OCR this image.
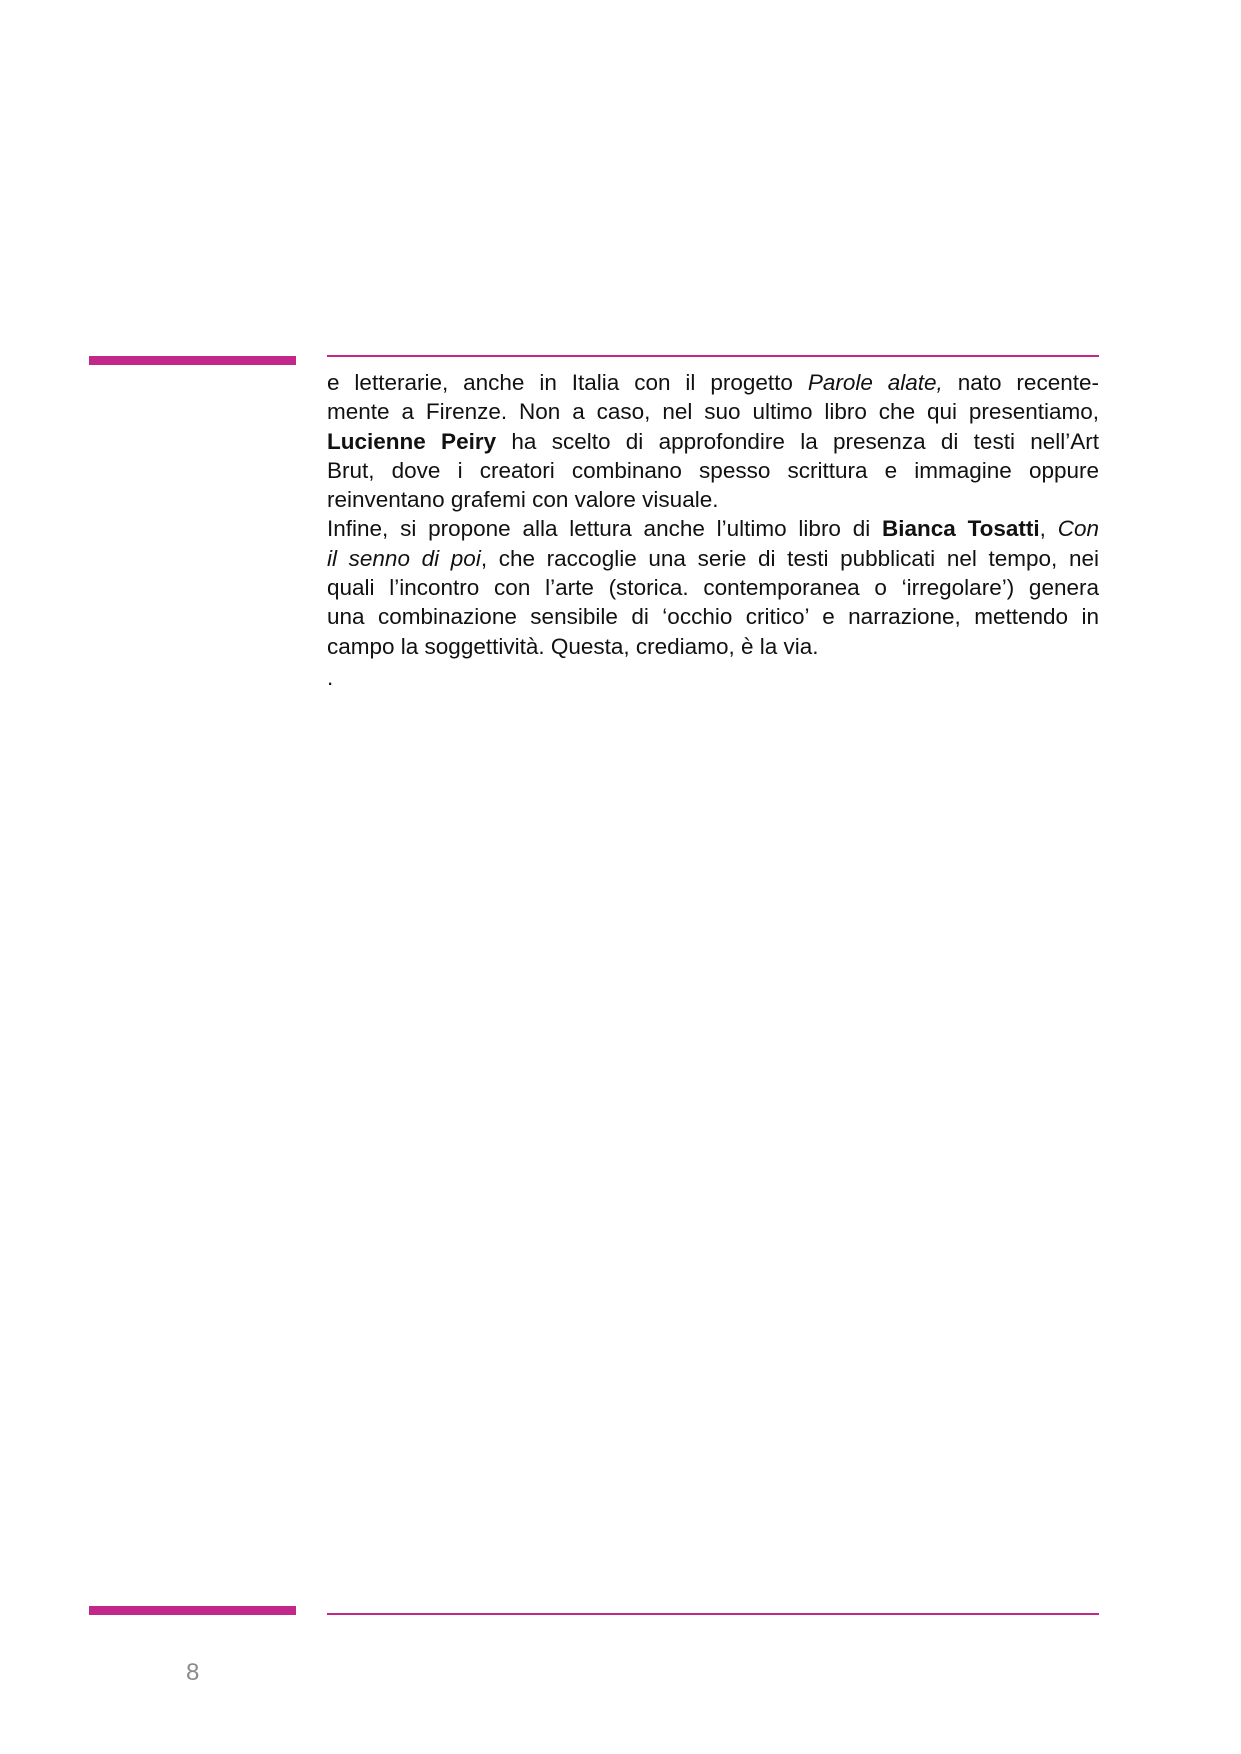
e letterarie, anche in Italia con il progetto Parole alate, nato recente-

mente a Firenze. Non a caso, nel suo ultimo libro che qui presentiamo,

Lucienne Peiry ha scelto di approfondire la presenza di testi nell’Art

Brut, dove i creatori combinano spesso scrittura e immagine oppure

reinventano grafemi con valore visuale.

Infine, si propone alla lettura anche l’ultimo libro di Bianca Tosatti, Con

il senno di poi, che raccoglie una serie di testi pubblicati nel tempo, nei

quali l’incontro con l’arte (storica. contemporanea o ‘irregolare’) genera

una combinazione sensibile di ‘occhio critico’ e narrazione, mettendo in

campo la soggettività. Questa, crediamo, è la via.

.
8
